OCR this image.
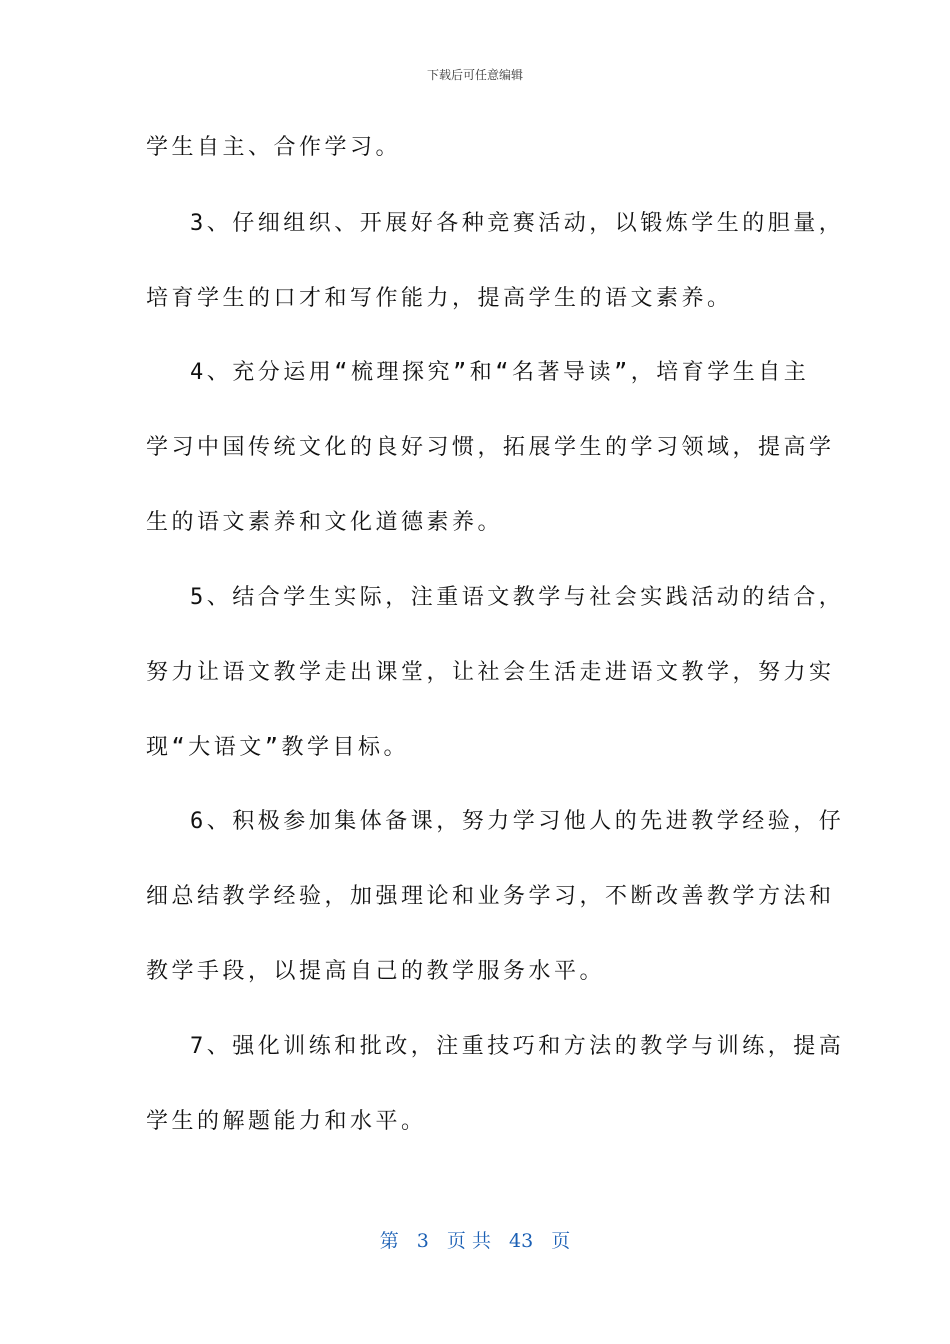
下载后可任意编辑
学生自主、合作学习。
3、仔细组织、开展好各种竞赛活动，以锻炼学生的胆量，
培育学生的口才和写作能力，提高学生的语文素养。
4、充分运用“梳理探究”和“名著导读”，培育学生自主
学习中国传统文化的良好习惯，拓展学生的学习领域，提高学
生的语文素养和文化道德素养。
5、结合学生实际，注重语文教学与社会实践活动的结合，
努力让语文教学走出课堂，让社会生活走进语文教学，努力实
现“大语文”教学目标。
6、积极参加集体备课，努力学习他人的先进教学经验，仔
细总结教学经验，加强理论和业务学习，不断改善教学方法和
教学手段，以提高自己的教学服务水平。
7、强化训练和批改，注重技巧和方法的教学与训练，提高
学生的解题能力和水平。
第 3 页 共 43 页
